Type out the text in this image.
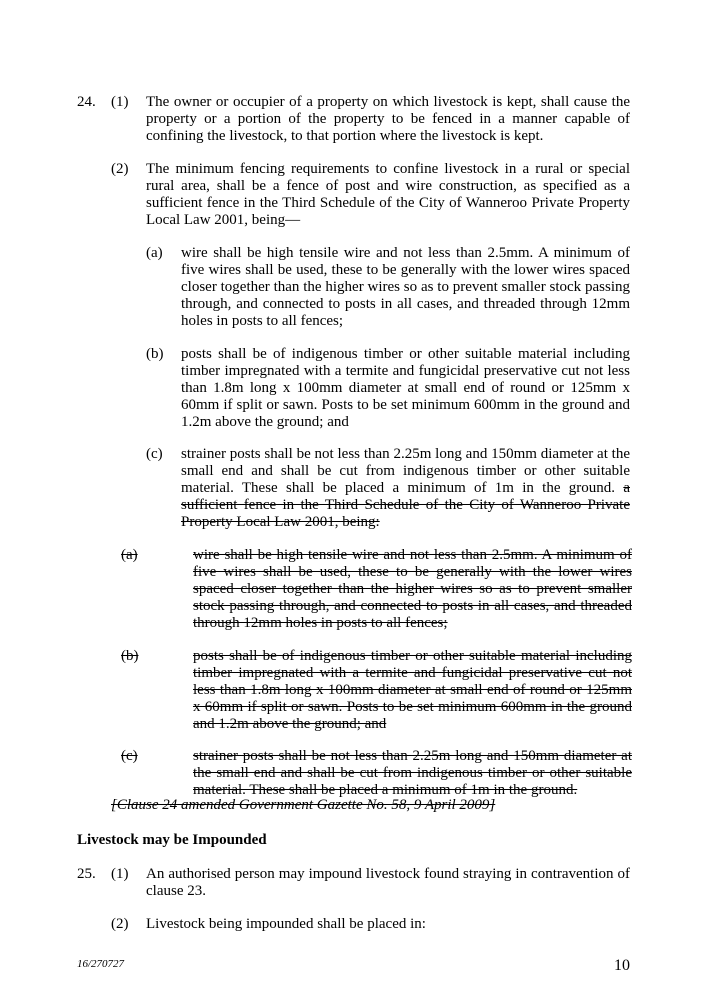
24. (1) The owner or occupier of a property on which livestock is kept, shall cause the property or a portion of the property to be fenced in a manner capable of confining the livestock, to that portion where the livestock is kept.
(2) The minimum fencing requirements to confine livestock in a rural or special rural area, shall be a fence of post and wire construction, as specified as a sufficient fence in the Third Schedule of the City of Wanneroo Private Property Local Law 2001, being—
(a) wire shall be high tensile wire and not less than 2.5mm. A minimum of five wires shall be used, these to be generally with the lower wires spaced closer together than the higher wires so as to prevent smaller stock passing through, and connected to posts in all cases, and threaded through 12mm holes in posts to all fences;
(b) posts shall be of indigenous timber or other suitable material including timber impregnated with a termite and fungicidal preservative cut not less than 1.8m long x 100mm diameter at small end of round or 125mm x 60mm if split or sawn. Posts to be set minimum 600mm in the ground and 1.2m above the ground; and
(c) strainer posts shall be not less than 2.25m long and 150mm diameter at the small end and shall be cut from indigenous timber or other suitable material. These shall be placed a minimum of 1m in the ground. a sufficient fence in the Third Schedule of the City of Wanneroo Private Property Local Law 2001, being:
(a)	wire shall be high tensile wire and not less than 2.5mm. A minimum of five wires shall be used, these to be generally with the lower wires spaced closer together than the higher wires so as to prevent smaller stock passing through, and connected to posts in all cases, and threaded through 12mm holes in posts to all fences;
(b)	posts shall be of indigenous timber or other suitable material including timber impregnated with a termite and fungicidal preservative cut not less than 1.8m long x 100mm diameter at small end of round or 125mm x 60mm if split or sawn. Posts to be set minimum 600mm in the ground and 1.2m above the ground; and
(c)	strainer posts shall be not less than 2.25m long and 150mm diameter at the small end and shall be cut from indigenous timber or other suitable material. These shall be placed a minimum of 1m in the ground.
[Clause 24 amended Government Gazette No. 58, 9 April 2009]
Livestock may be Impounded
25. (1) An authorised person may impound livestock found straying in contravention of clause 23.
(2) Livestock being impounded shall be placed in:
16/270727	10
